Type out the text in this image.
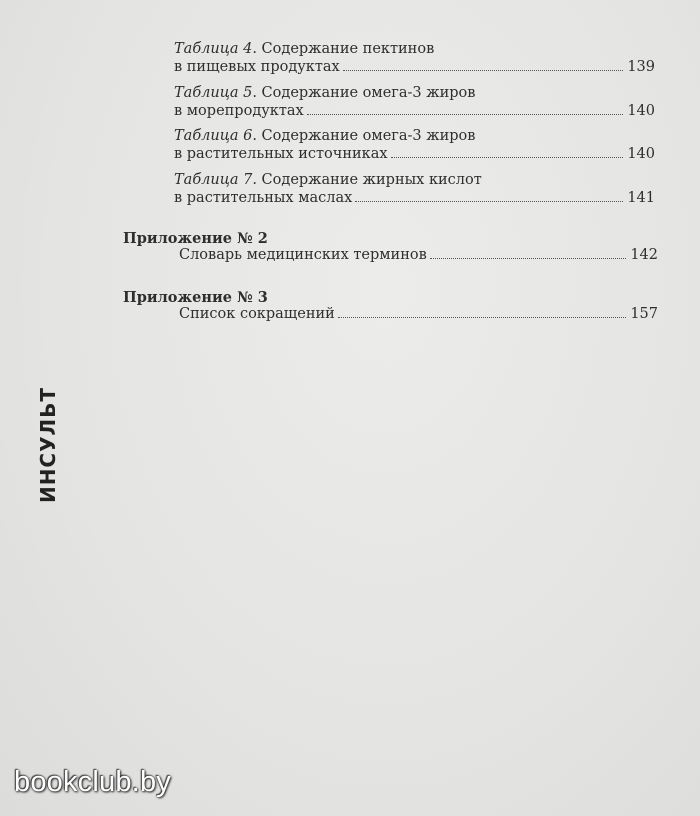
Таблица 4. Содержание пектинов
в пищевых продуктах	139
Таблица 5. Содержание омега-3 жиров
в морепродуктах	140
Таблица 6. Содержание омега-3 жиров
в растительных источниках	140
Таблица 7. Содержание жирных кислот
в растительных маслах	141
Приложение № 2
Словарь медицинских терминов	142
Приложение № 3
Список сокращений	157
ИНСУЛЬТ
bookclub.by
